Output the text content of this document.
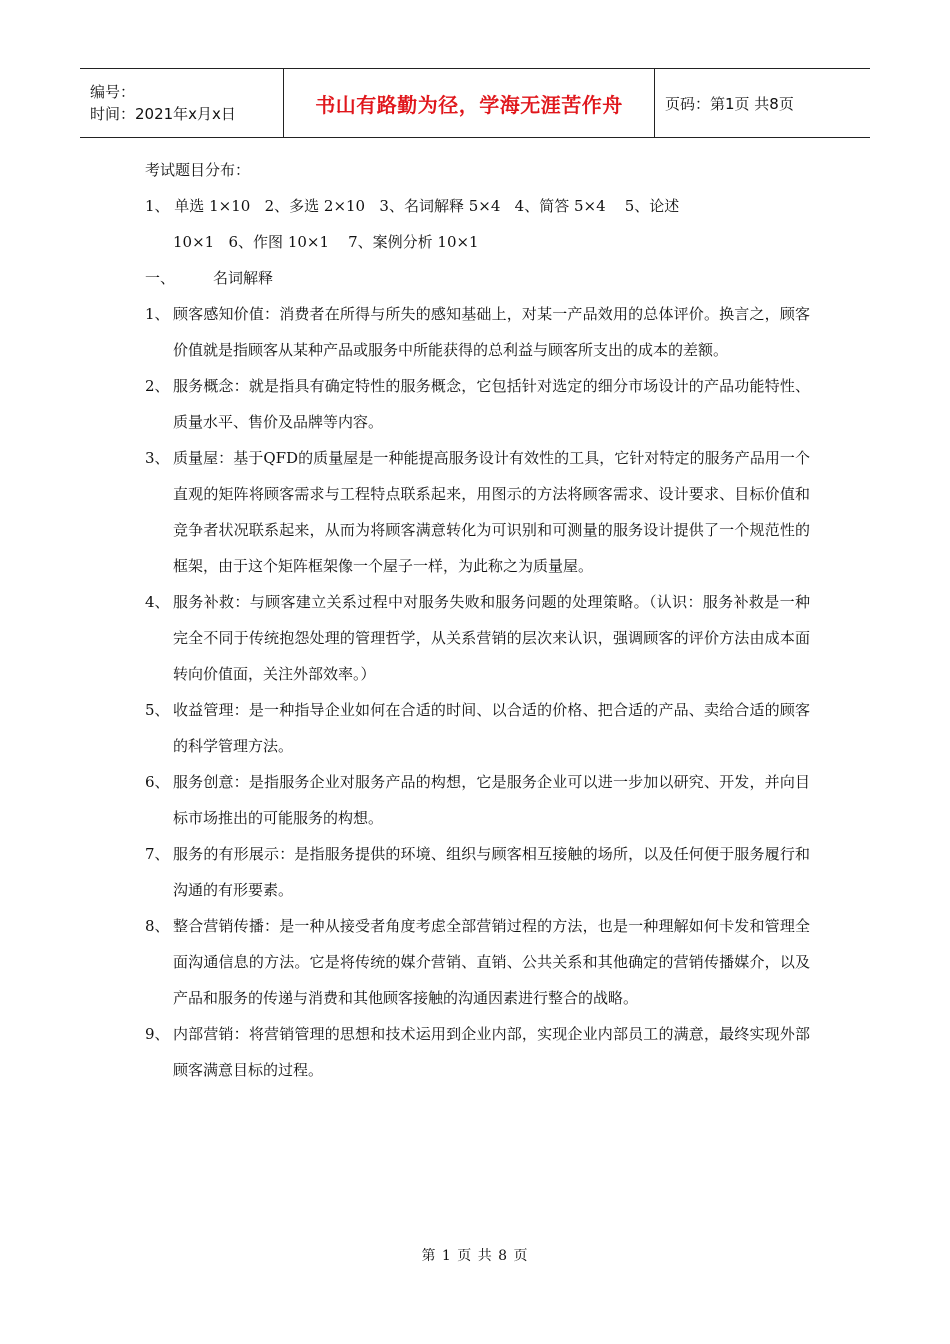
编号：
时间：2021年x月x日	书山有路勤为径，学海无涯苦作舟	页码：第1页 共8页
考试题目分布：
1、 单选 1×10   2、多选 2×10   3、名词解释 5×4   4、简答 5×4    5、论述
10×1   6、作图 10×1    7、案例分析 10×1
一、	名词解释
1、 顾客感知价值：消费者在所得与所失的感知基础上，对某一产品效用的总体评价。换言之，顾客价值就是指顾客从某种产品或服务中所能获得的总利益与顾客所支出的成本的差额。
2、 服务概念：就是指具有确定特性的服务概念，它包括针对选定的细分市场设计的产品功能特性、质量水平、售价及品牌等内容。
3、 质量屋：基于QFD的质量屋是一种能提高服务设计有效性的工具，它针对特定的服务产品用一个直观的矩阵将顾客需求与工程特点联系起来，用图示的方法将顾客需求、设计要求、目标价值和竞争者状况联系起来，从而为将顾客满意转化为可识别和可测量的服务设计提供了一个规范性的框架，由于这个矩阵框架像一个屋子一样，为此称之为质量屋。
4、 服务补救：与顾客建立关系过程中对服务失败和服务问题的处理策略。（认识：服务补救是一种完全不同于传统抱怨处理的管理哲学，从关系营销的层次来认识，强调顾客的评价方法由成本面转向价值面，关注外部效率。）
5、 收益管理：是一种指导企业如何在合适的时间、以合适的价格、把合适的产品、卖给合适的顾客的科学管理方法。
6、 服务创意：是指服务企业对服务产品的构想，它是服务企业可以进一步加以研究、开发，并向目标市场推出的可能服务的构想。
7、 服务的有形展示：是指服务提供的环境、组织与顾客相互接触的场所，以及任何便于服务履行和沟通的有形要素。
8、 整合营销传播：是一种从接受者角度考虑全部营销过程的方法，也是一种理解如何卡发和管理全面沟通信息的方法。它是将传统的媒介营销、直销、公共关系和其他确定的营销传播媒介，以及产品和服务的传递与消费和其他顾客接触的沟通因素进行整合的战略。
9、 内部营销：将营销管理的思想和技术运用到企业内部，实现企业内部员工的满意，最终实现外部顾客满意目标的过程。
第 1 页 共 8 页
